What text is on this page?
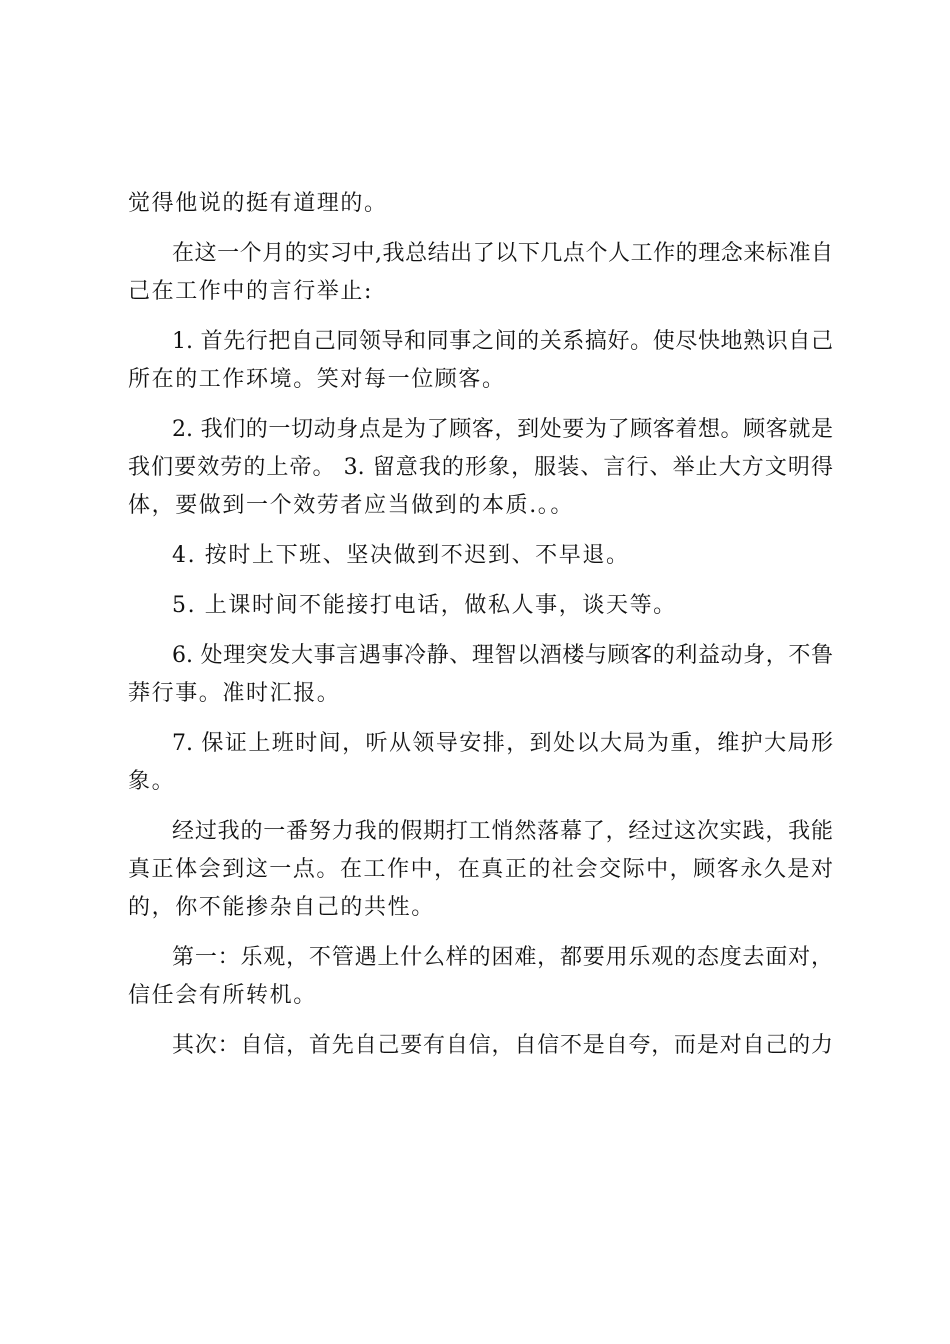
觉得他说的挺有道理的。
在这一个月的实习中,我总结出了以下几点个人工作的理念来标准自
己在工作中的言行举止:
1. 首先行把自己同领导和同事之间的关系搞好。使尽快地熟识自己
所在的工作环境。笑对每一位顾客。
2. 我们的一切动身点是为了顾客，到处要为了顾客着想。顾客就是
我们要效劳的上帝。 3. 留意我的形象，服装、言行、举止大方文明得
体，要做到一个效劳者应当做到的本质.。。
4. 按时上下班、坚决做到不迟到、不早退。
5. 上课时间不能接打电话，做私人事，谈天等。
6. 处理突发大事言遇事冷静、理智以酒楼与顾客的利益动身，不鲁
莽行事。准时汇报。
7. 保证上班时间，听从领导安排，到处以大局为重，维护大局形
象。
经过我的一番努力我的假期打工悄然落幕了，经过这次实践，我能
真正体会到这一点。在工作中，在真正的社会交际中，顾客永久是对
的，你不能掺杂自己的共性。
第一：乐观，不管遇上什么样的困难，都要用乐观的态度去面对，
信任会有所转机。
其次：自信，首先自己要有自信，自信不是自夸，而是对自己的力
